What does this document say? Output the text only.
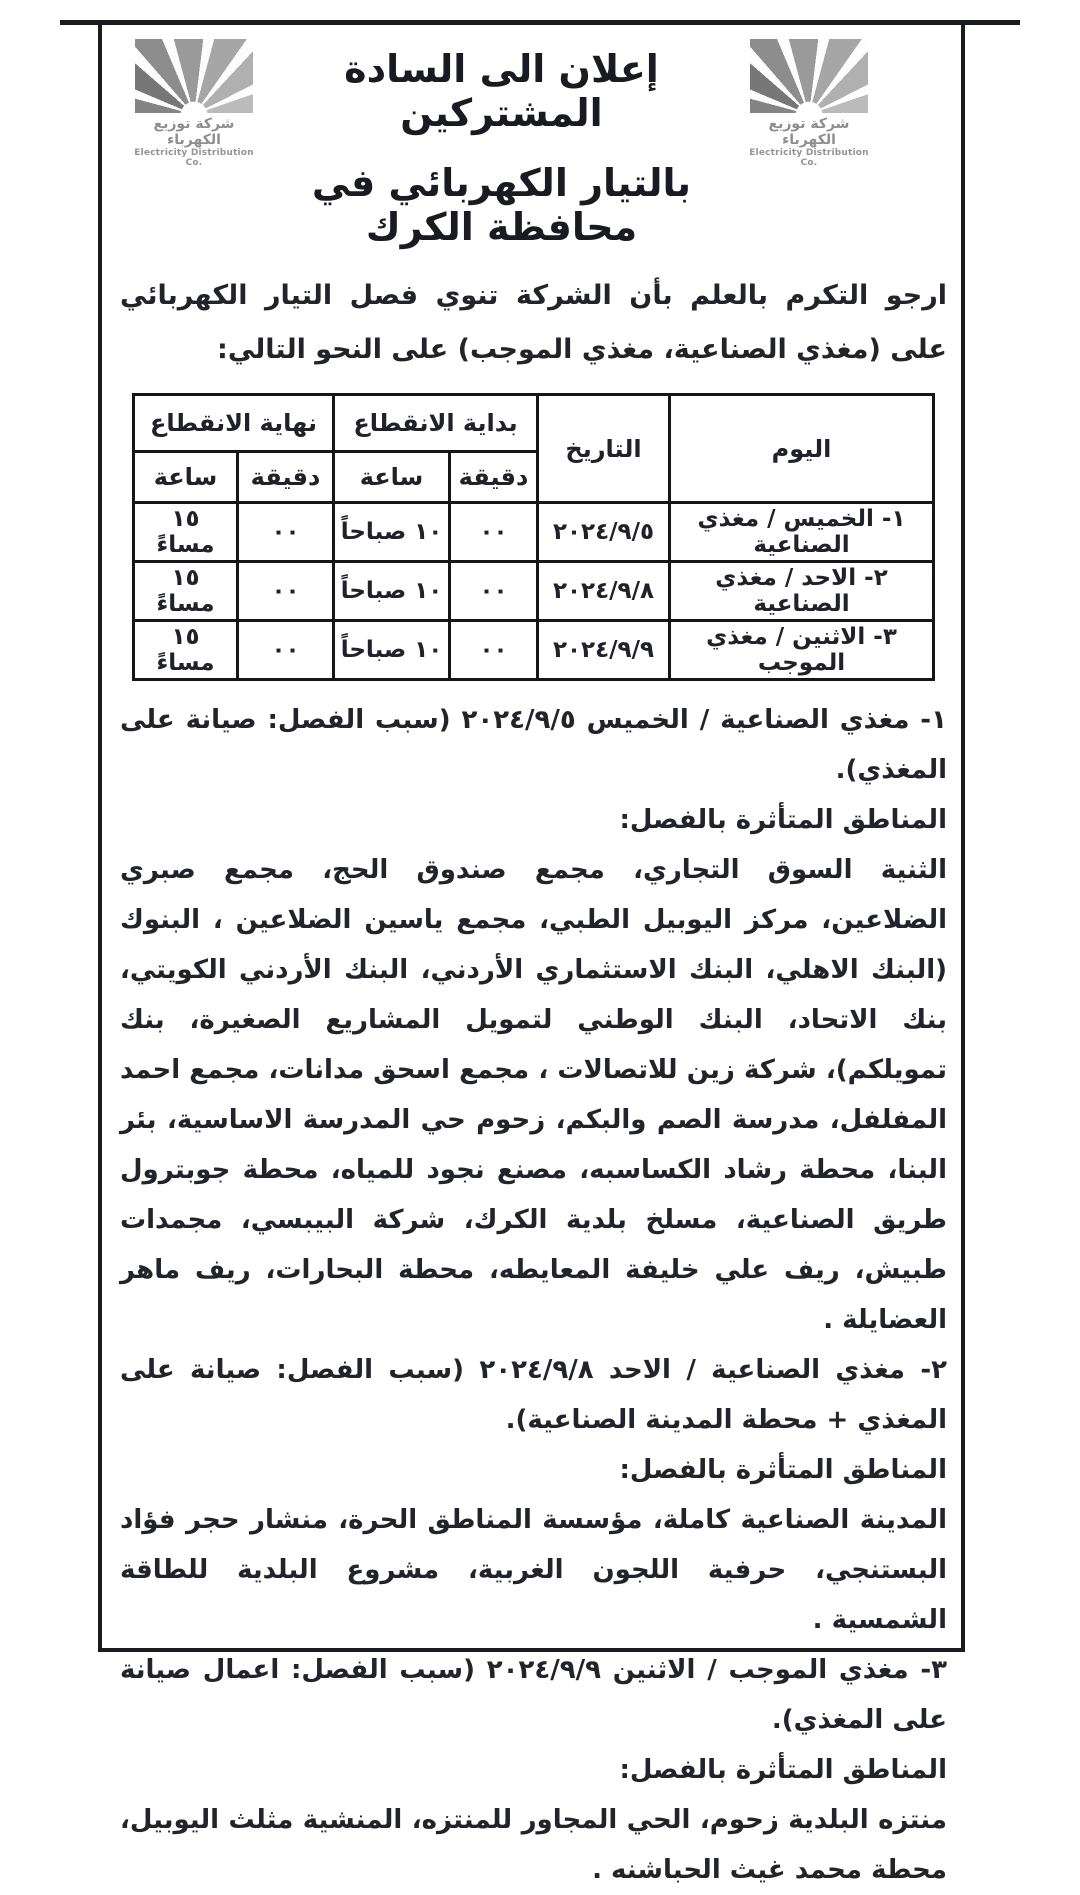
شركة توزيع الكهرباء
Electricity Distribution Co.
إعلان الى السادة المشتركين
بالتيار الكهربائي في محافظة الكرك
شركة توزيع الكهرباء
Electricity Distribution Co.

ارجو التكرم بالعلم بأن الشركة تنوي فصل التيار الكهربائي على (مغذي الصناعية، مغذي الموجب) على النحو التالي:

اليوم	التاريخ	بداية الانقطاع		نهاية الانقطاع	
		دقيقة	ساعة	دقيقة	ساعة
١- الخميس / مغذي الصناعية	٢٠٢٤/٩/٥	٠٠	١٠ صباحاً	٠٠	١٥ مساءً
٢- الاحد / مغذي الصناعية	٢٠٢٤/٩/٨	٠٠	١٠ صباحاً	٠٠	١٥ مساءً
٣- الاثنين / مغذي الموجب	٢٠٢٤/٩/٩	٠٠	١٠ صباحاً	٠٠	١٥ مساءً

١- مغذي الصناعية / الخميس ٢٠٢٤/٩/٥ (سبب الفصل: صيانة على المغذي).

المناطق المتأثرة بالفصل:

الثنية السوق التجاري، مجمع صندوق الحج، مجمع صبري الضلاعين، مركز اليوبيل الطبي، مجمع ياسين الضلاعين ، البنوك (البنك الاهلي، البنك الاستثماري الأردني، البنك الأردني الكويتي، بنك الاتحاد، البنك الوطني لتمويل المشاريع الصغيرة، بنك تمويلكم)، شركة زين للاتصالات ، مجمع اسحق مدانات، مجمع احمد المفلفل، مدرسة الصم والبكم، زحوم حي المدرسة الاساسية، بئر البنا، محطة رشاد الكساسبه، مصنع نجود للمياه، محطة جوبترول طريق الصناعية، مسلخ بلدية الكرك، شركة البيبسي، مجمدات طبيش، ريف علي خليفة المعايطه، محطة البحارات، ريف ماهر العضايلة .

٢- مغذي الصناعية / الاحد ٢٠٢٤/٩/٨ (سبب الفصل: صيانة على المغذي + محطة المدينة الصناعية).

المناطق المتأثرة بالفصل:

المدينة الصناعية كاملة، مؤسسة المناطق الحرة، منشار حجر فؤاد البستنجي، حرفية اللجون الغربية، مشروع البلدية للطاقة الشمسية .

٣- مغذي الموجب / الاثنين ٢٠٢٤/٩/٩ (سبب الفصل: اعمال صيانة على المغذي).

المناطق المتأثرة بالفصل:

منتزه البلدية زحوم، الحي المجاور للمنتزه، المنشية مثلث اليوبيل، محطة محمد غيث الحباشنه .
